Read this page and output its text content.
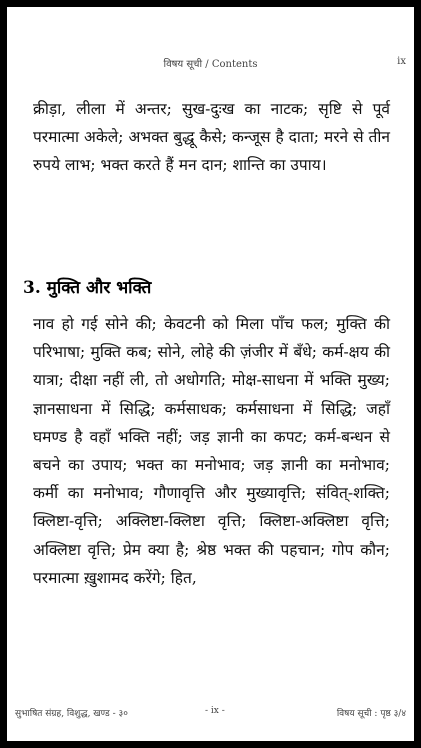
विषय सूची / Contents	ix

क्रीड़ा, लीला में अन्तर; सुख-दुःख का नाटक; सृष्टि से पूर्व परमात्मा अकेले; अभक्त बुद्धू कैसे; कन्जूस है दाता; मरने से तीन रुपये लाभ; भक्त करते हैं मन दान; शान्ति का उपाय।

3. मुक्ति और भक्ति

नाव हो गई सोने की; केवटनी को मिला पाँच फल; मुक्ति की परिभाषा; मुक्ति कब; सोने, लोहे की ज़ंजीर में बँधे; कर्म-क्षय की यात्रा; दीक्षा नहीं ली, तो अधोगति; मोक्ष-साधना में भक्ति मुख्य; ज्ञानसाधना में सिद्धि; कर्मसाधक; कर्मसाधना में सिद्धि; जहाँ घमण्ड है वहाँ भक्ति नहीं; जड़ ज्ञानी का कपट; कर्म-बन्धन से बचने का उपाय; भक्त का मनोभाव; जड़ ज्ञानी का मनोभाव; कर्मी का मनोभाव; गौणावृत्ति और मुख्यावृत्ति; संवित्-शक्ति; क्लिष्टा-वृत्ति; अक्लिष्टा-क्लिष्टा वृत्ति; क्लिष्टा-अक्लिष्टा वृत्ति; अक्लिष्टा वृत्ति; प्रेम क्या है; श्रेष्ठ भक्त की पहचान; गोप कौन; परमात्मा ख़ुशामद करेंगे; हित,

सुभाषित संग्रह, विशुद्ध, खण्ड - ३०	- ix -	विषय सूची : पृष्ठ ३/४
